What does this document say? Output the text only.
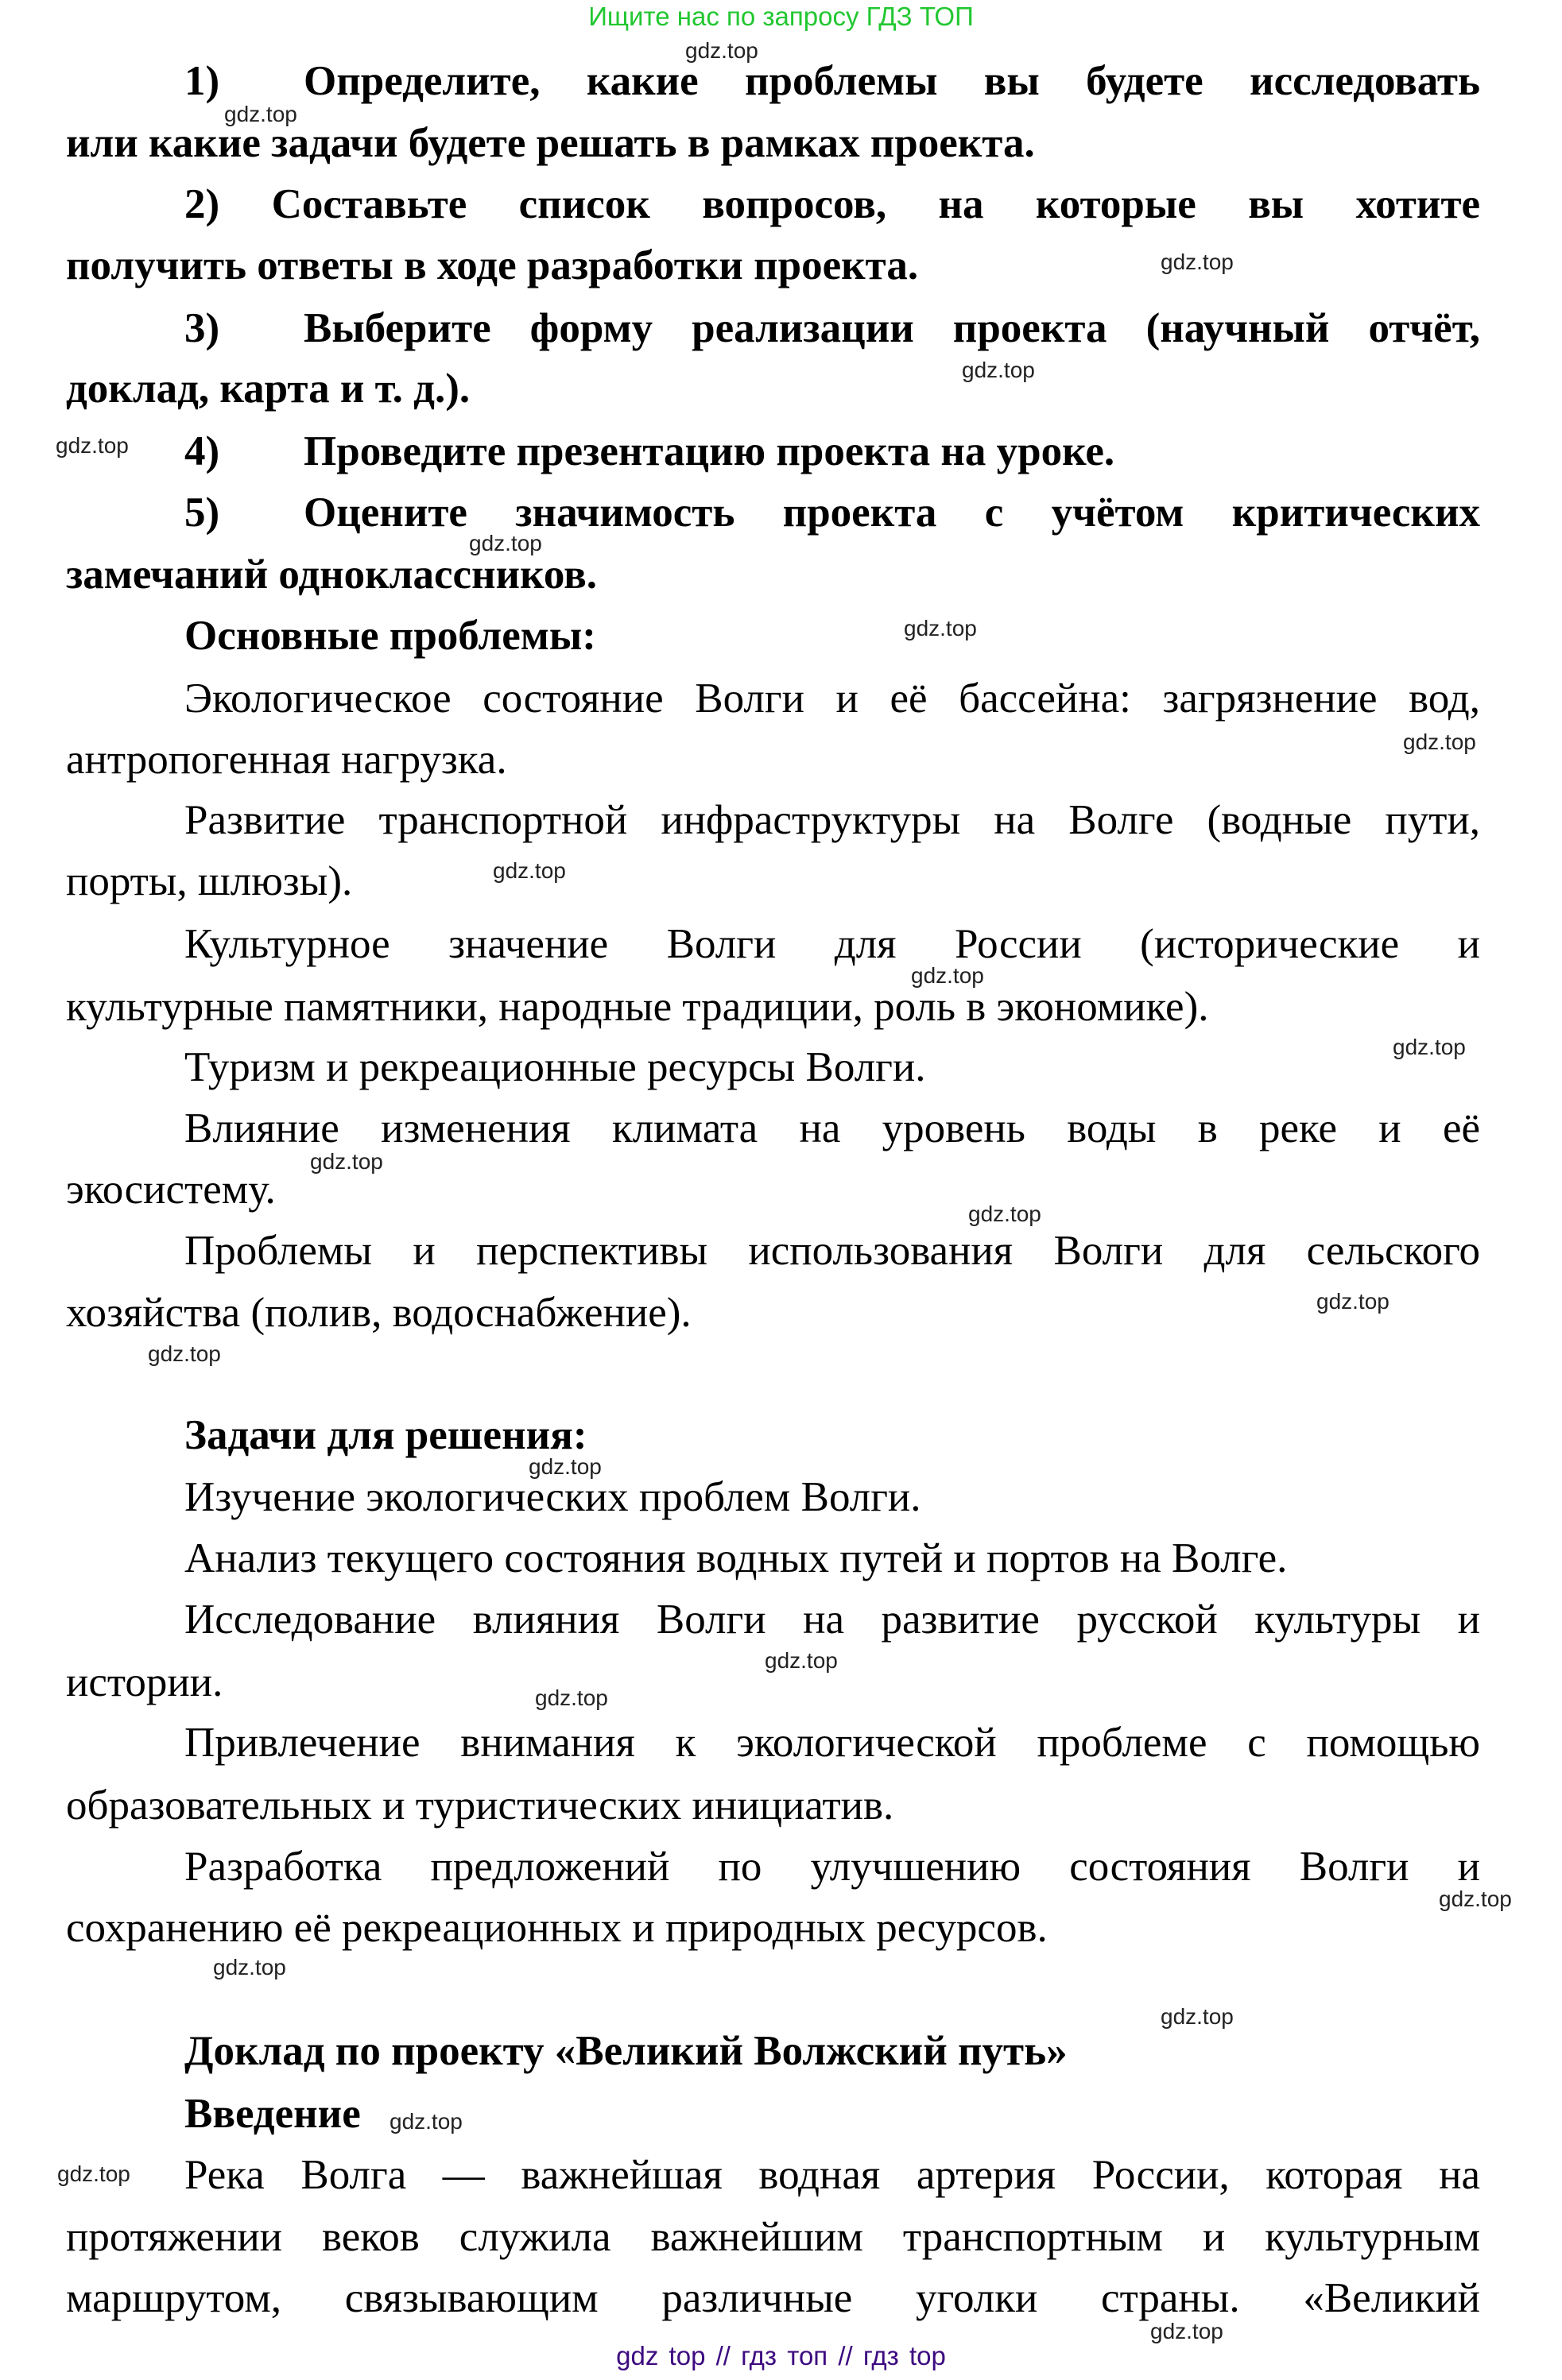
Ищите нас по запросу ГДЗ ТОП
1) Определите, какие проблемы вы будете исследовать
или какие задачи будете решать в рамках проекта.
2) Составьте список вопросов, на которые вы хотите
получить ответы в ходе разработки проекта.
3) Выберите форму реализации проекта (научный отчёт,
доклад, карта и т. д.).
4) Проведите презентацию проекта на уроке.
5) Оцените значимость проекта с учётом критических
замечаний одноклассников.
Основные проблемы:
Экологическое состояние Волги и её бассейна: загрязнение вод,
антропогенная нагрузка.
Развитие транспортной инфраструктуры на Волге (водные пути,
порты, шлюзы).
Культурное значение Волги для России (исторические и
культурные памятники, народные традиции, роль в экономике).
Туризм и рекреационные ресурсы Волги.
Влияние изменения климата на уровень воды в реке и её
экосистему.
Проблемы и перспективы использования Волги для сельского
хозяйства (полив, водоснабжение).
Задачи для решения:
Изучение экологических проблем Волги.
Анализ текущего состояния водных путей и портов на Волге.
Исследование влияния Волги на развитие русской культуры и
истории.
Привлечение внимания к экологической проблеме с помощью
образовательных и туристических инициатив.
Разработка предложений по улучшению состояния Волги и
сохранению её рекреационных и природных ресурсов.
Доклад по проекту «Великий Волжский путь»
Введение
Река Волга — важнейшая водная артерия России, которая на
протяжении веков служила важнейшим транспортным и культурным
маршрутом, связывающим различные уголки страны. «Великий
gdz.top
gdz.top
gdz.top
gdz.top
gdz.top
gdz.top
gdz.top
gdz.top
gdz.top
gdz.top
gdz.top
gdz.top
gdz.top
gdz.top
gdz.top
gdz.top
gdz.top
gdz.top
gdz.top
gdz.top
gdz.top
gdz.top
gdz.top
gdz.top
gdz top // гдз топ // гдз top
